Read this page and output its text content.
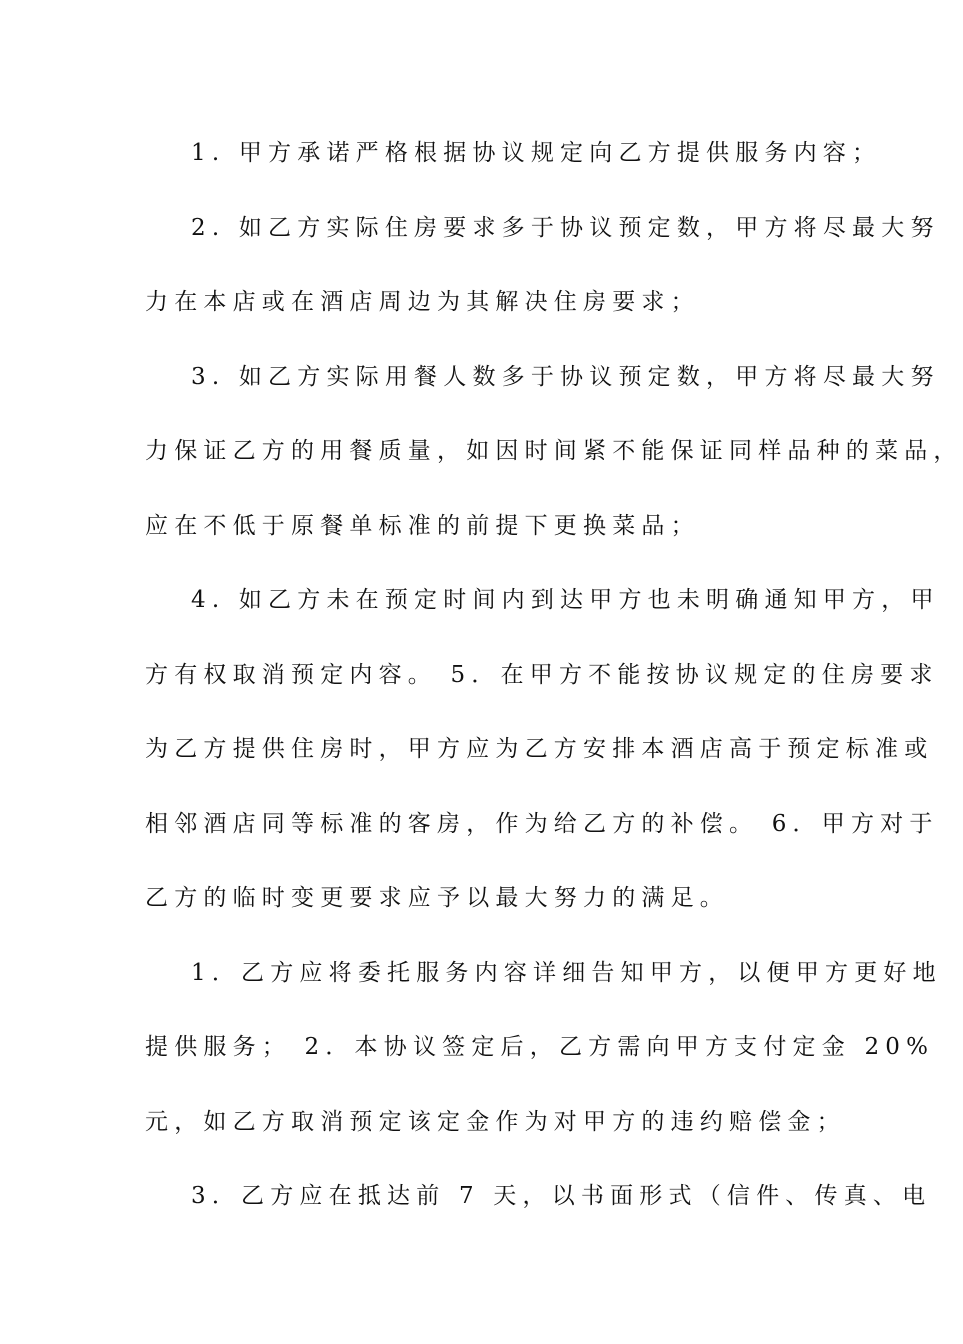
1. 甲方承诺严格根据协议规定向乙方提供服务内容；
2. 如乙方实际住房要求多于协议预定数，甲方将尽最大努
力在本店或在酒店周边为其解决住房要求；
3. 如乙方实际用餐人数多于协议预定数，甲方将尽最大努
力保证乙方的用餐质量，如因时间紧不能保证同样品种的菜品，
应在不低于原餐单标准的前提下更换菜品；
4. 如乙方未在预定时间内到达甲方也未明确通知甲方，甲
方有权取消预定内容。 5．在甲方不能按协议规定的住房要求
为乙方提供住房时，甲方应为乙方安排本酒店高于预定标准或
相邻酒店同等标准的客房，作为给乙方的补偿。 6．甲方对于
乙方的临时变更要求应予以最大努力的满足。
1．乙方应将委托服务内容详细告知甲方，以便甲方更好地
提供服务； 2．本协议签定后，乙方需向甲方支付定金 20%
元，如乙方取消预定该定金作为对甲方的违约赔偿金；
3．乙方应在抵达前 7 天，以书面形式（信件、传真、电
